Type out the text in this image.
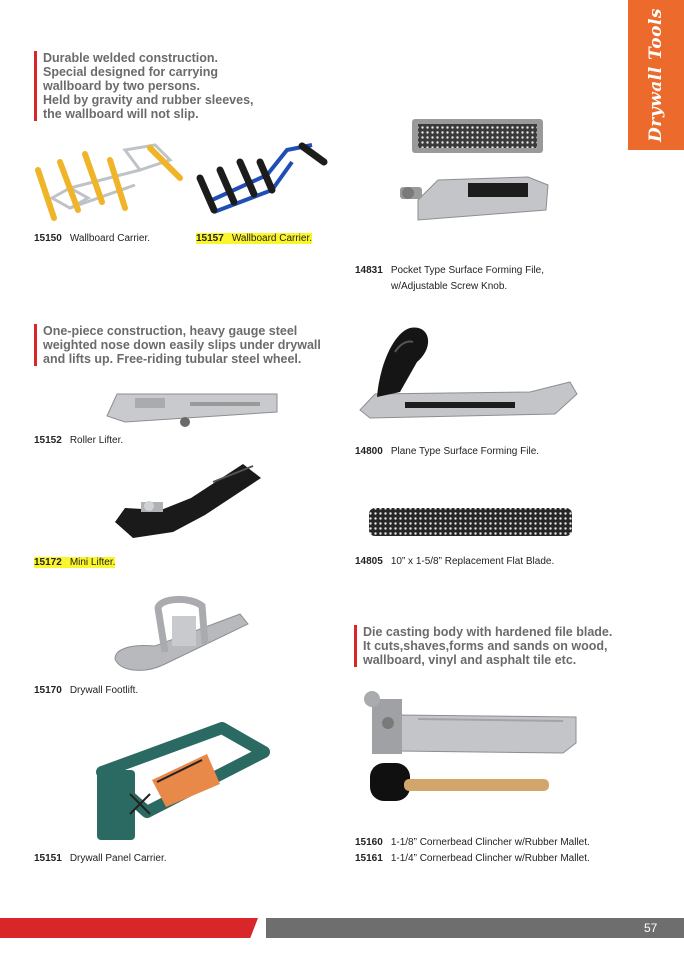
Drywall Tools
Durable welded construction.
Special designed for carrying
wallboard by two persons.
Held by gravity and rubber sleeves,
the wallboard will not slip.
One-piece construction, heavy gauge steel
weighted nose down easily slips under drywall
and lifts up. Free-riding tubular steel wheel.
Die casting body with hardened file blade.
It cuts,shaves,forms and sands on wood,
wallboard, vinyl and asphalt tile etc.
15150 Wallboard Carrier.	15157 Wallboard Carrier.
14831 Pocket Type Surface Forming File,
w/Adjustable Screw Knob.
15152 Roller Lifter.
14800 Plane Type Surface Forming File.
15172 Mini Lifter.	14805 10” x 1-5/8” Replacement Flat Blade.
15170 Drywall Footlift.
15160 1-1/8” Cornerbead Clincher w/Rubber Mallet.
15161 1-1/4” Cornerbead Clincher w/Rubber Mallet.
15151 Drywall Panel Carrier.
57
